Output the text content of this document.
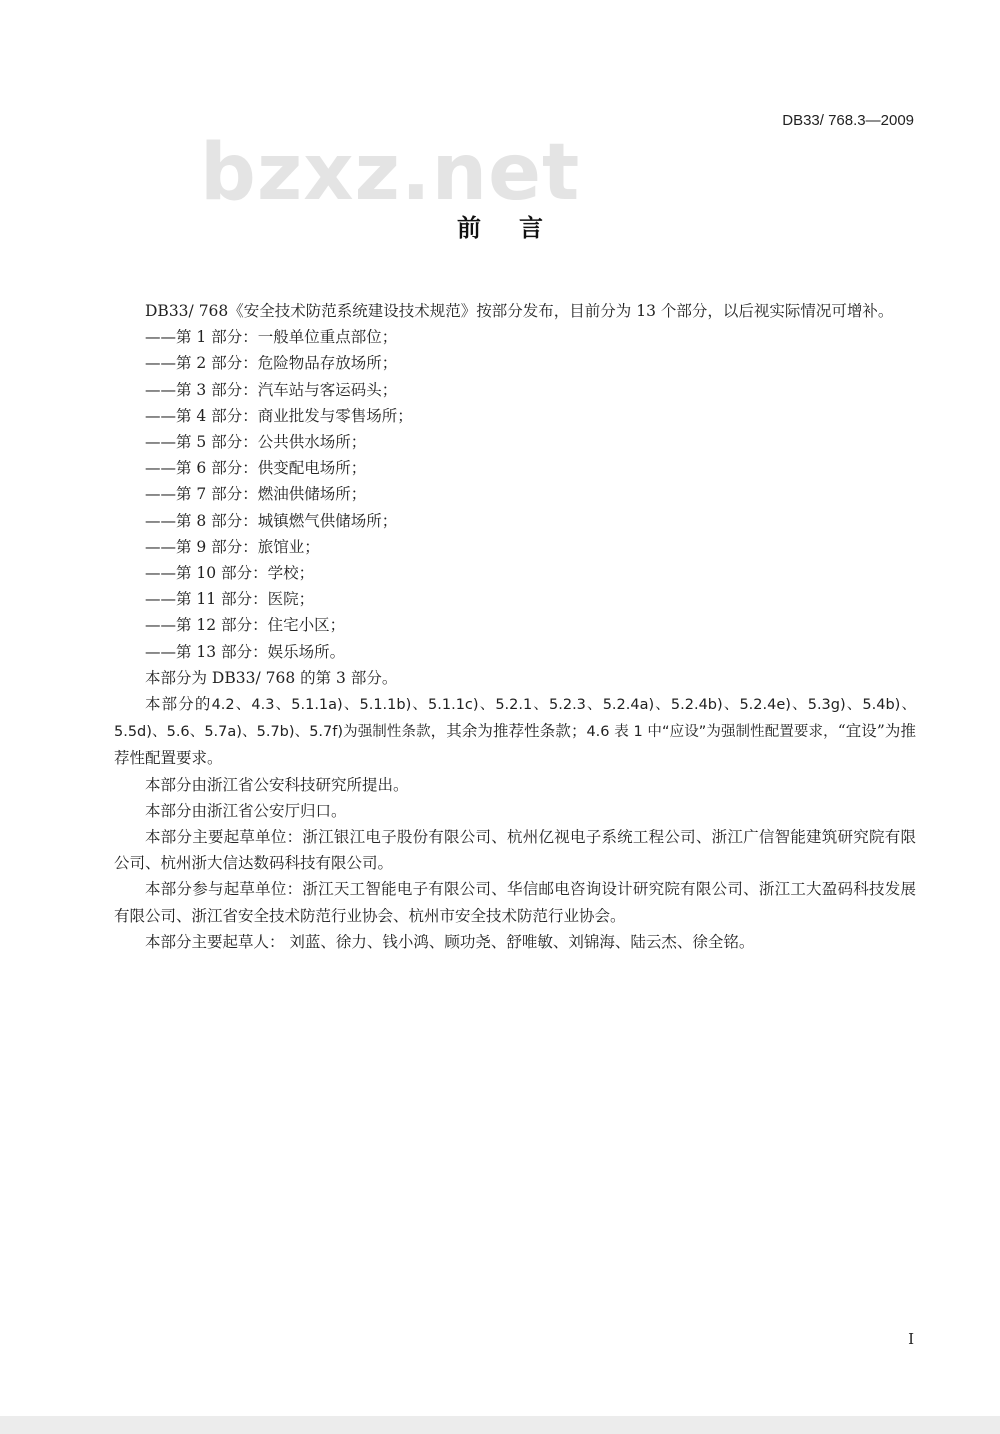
DB33/ 768.3—2009
bzxz.net
前言

DB33/ 768《安全技术防范系统建设技术规范》按部分发布，目前分为 13 个部分，以后视实际情况可增补。

——第 1 部分：一般单位重点部位；

——第 2 部分：危险物品存放场所；

——第 3 部分：汽车站与客运码头；

——第 4 部分：商业批发与零售场所；

——第 5 部分：公共供水场所；

——第 6 部分：供变配电场所；

——第 7 部分：燃油供储场所；

——第 8 部分：城镇燃气供储场所；

——第 9 部分：旅馆业；

——第 10 部分：学校；

——第 11 部分：医院；

——第 12 部分：住宅小区；

——第 13 部分：娱乐场所。

本部分为 DB33/ 768 的第 3 部分。

本部分的4.2、4.3、5.1.1a)、5.1.1b)、5.1.1c)、5.2.1、5.2.3、5.2.4a)、5.2.4b)、5.2.4e)、5.3g)、5.4b)、5.5d)、5.6、5.7a)、5.7b)、5.7f)为强制性条款，其余为推荐性条款；4.6 表 1 中“应设”为强制性配置要求，“宜设”为推荐性配置要求。

本部分由浙江省公安科技研究所提出。

本部分由浙江省公安厅归口。

本部分主要起草单位：浙江银江电子股份有限公司、杭州亿视电子系统工程公司、浙江广信智能建筑研究院有限公司、杭州浙大信达数码科技有限公司。

本部分参与起草单位：浙江天工智能电子有限公司、华信邮电咨询设计研究院有限公司、浙江工大盈码科技发展有限公司、浙江省安全技术防范行业协会、杭州市安全技术防范行业协会。

本部分主要起草人： 刘蓝、徐力、钱小鸿、顾功尧、舒唯敏、刘锦海、陆云杰、徐全铭。

I
